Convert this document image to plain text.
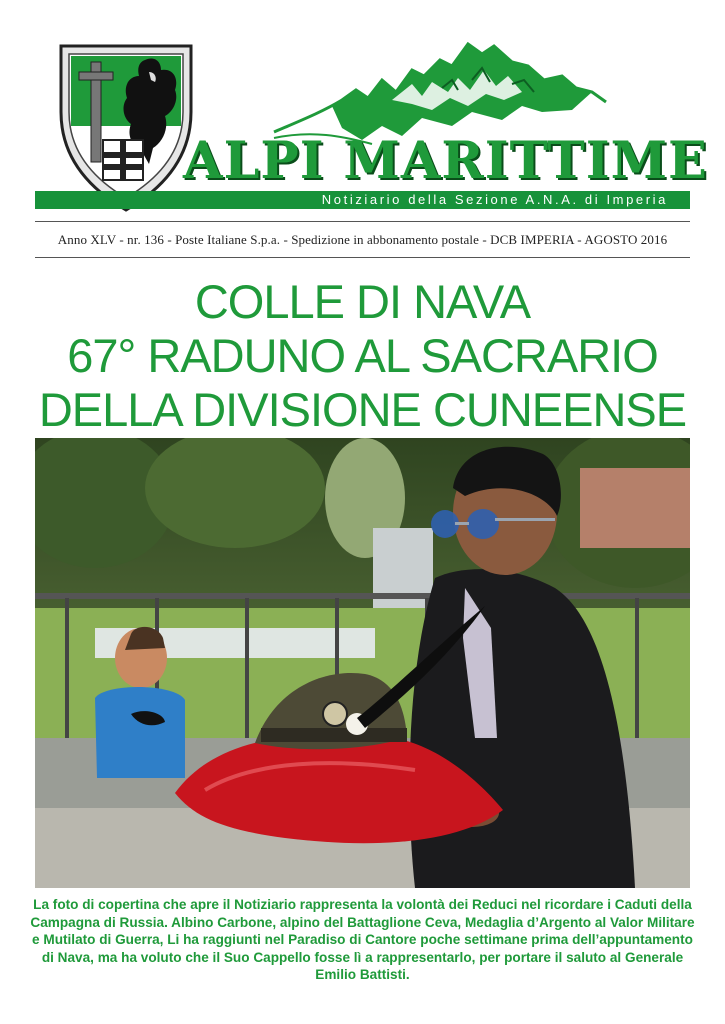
ALPI MARITTIME
Notiziario della Sezione A.N.A. di Imperia
Anno XLV - nr. 136 - Poste Italiane S.p.a. - Spedizione in abbonamento postale - DCB IMPERIA - AGOSTO 2016
COLLE DI NAVA
67° RADUNO AL SACRARIO
DELLA DIVISIONE CUNEENSE
La foto di copertina che apre il Notiziario rappresenta la volontà dei Reduci nel ricordare i Caduti della Campagna di Russia. Albino Carbone, alpino del Battaglione Ceva, Medaglia d’Argento al Valor Militare e Mutilato di Guerra, Li ha raggiunti nel Paradiso di Cantore poche settimane prima dell’appuntamento di Nava, ma ha voluto che il Suo Cappello fosse lì a rappresentarlo, per portare il saluto al Generale Emilio Battisti.
